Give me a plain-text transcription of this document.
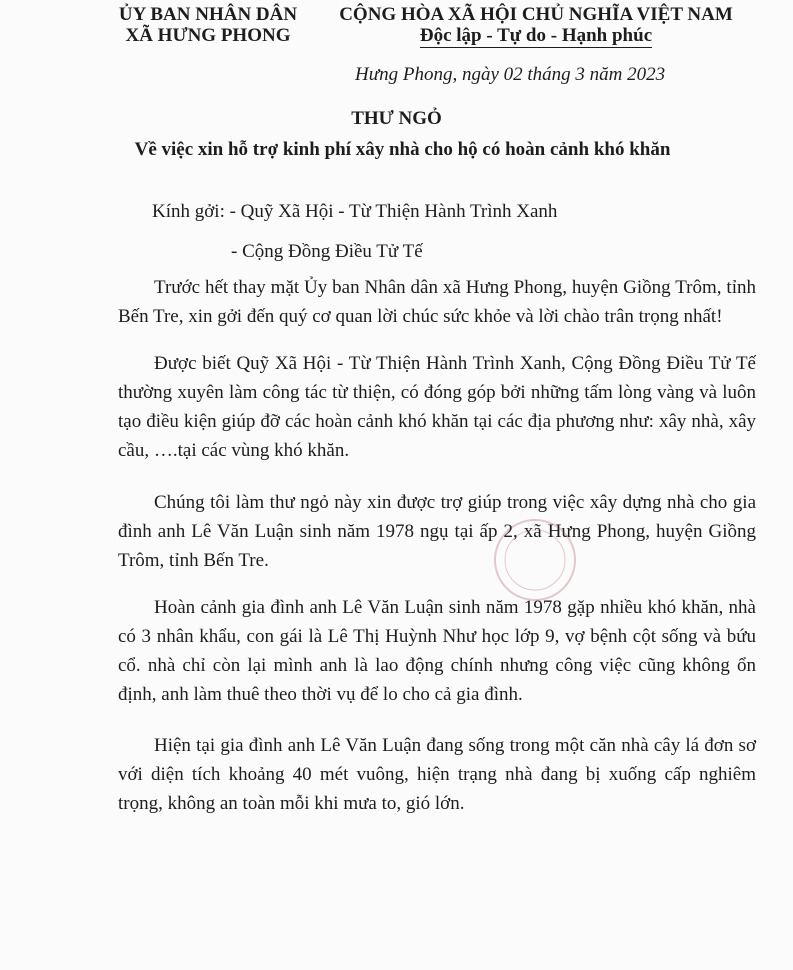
ỦY BAN NHÂN DÂN
XÃ HƯNG PHONG
CỘNG HÒA XÃ HỘI CHỦ NGHĨA VIỆT NAM
Độc lập - Tự do - Hạnh phúc
Hưng Phong, ngày 02 tháng 3 năm 2023
THƯ NGỎ
Về việc xin hỗ trợ kinh phí xây nhà cho hộ có hoàn cảnh khó khăn
Kính gởi: - Quỹ Xã Hội - Từ Thiện Hành Trình Xanh
- Cộng Đồng Điều Tử Tế
Trước hết thay mặt Ủy ban Nhân dân xã Hưng Phong, huyện Giồng Trôm, tỉnh Bến Tre, xin gởi đến quý cơ quan lời chúc sức khỏe và lời chào trân trọng nhất!
Được biết Quỹ Xã Hội - Từ Thiện Hành Trình Xanh, Cộng Đồng Điều Tử Tế thường xuyên làm công tác từ thiện, có đóng góp bởi những tấm lòng vàng và luôn tạo điều kiện giúp đỡ các hoàn cảnh khó khăn tại các địa phương như: xây nhà, xây cầu, ….tại các vùng khó khăn.
Chúng tôi làm thư ngỏ này xin được trợ giúp trong việc xây dựng nhà cho gia đình anh Lê Văn Luận sinh năm 1978 ngụ tại ấp 2, xã Hưng Phong, huyện Giồng Trôm, tỉnh Bến Tre.
Hoàn cảnh gia đình anh Lê Văn Luận sinh năm 1978 gặp nhiều khó khăn, nhà có 3 nhân khẩu, con gái là Lê Thị Huỳnh Như học lớp 9, vợ bệnh cột sống và bứu cổ. nhà chỉ còn lại mình anh là lao động chính nhưng công việc cũng không ổn định, anh làm thuê theo thời vụ để lo cho cả gia đình.
Hiện tại gia đình anh Lê Văn Luận đang sống trong một căn nhà cây lá đơn sơ với diện tích khoảng 40 mét vuông, hiện trạng nhà đang bị xuống cấp nghiêm trọng, không an toàn mỗi khi mưa to, gió lớn.
